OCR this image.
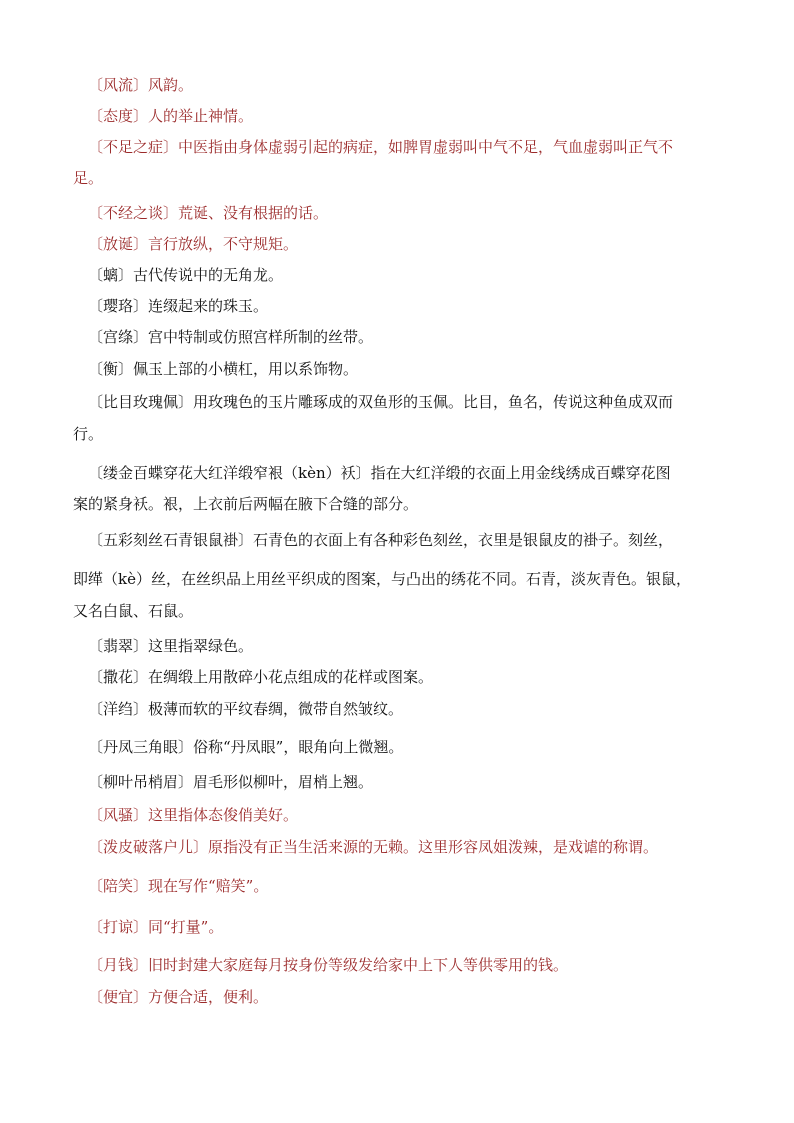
〔风流〕风韵。
〔态度〕人的举止神情。
〔不足之症〕中医指由身体虚弱引起的病症，如脾胃虚弱叫中气不足，气血虚弱叫正气不
足。
〔不经之谈〕荒诞、没有根据的话。
〔放诞〕言行放纵，不守规矩。
〔螭〕古代传说中的无角龙。
〔璎珞〕连缀起来的珠玉。
〔宫绦〕宫中特制或仿照宫样所制的丝带。
〔衡〕佩玉上部的小横杠，用以系饰物。
〔比目玫瑰佩〕用玫瑰色的玉片雕琢成的双鱼形的玉佩。比目，鱼名，传说这种鱼成双而
行。
〔缕金百蝶穿花大红洋缎窄裉（kèn）袄〕指在大红洋缎的衣面上用金线绣成百蝶穿花图
案的紧身袄。裉，上衣前后两幅在腋下合缝的部分。
〔五彩刻丝石青银鼠褂〕石青色的衣面上有各种彩色刻丝，衣里是银鼠皮的褂子。刻丝，
即缂（kè）丝，在丝织品上用丝平织成的图案，与凸出的绣花不同。石青，淡灰青色。银鼠，
又名白鼠、石鼠。
〔翡翠〕这里指翠绿色。
〔撒花〕在绸缎上用散碎小花点组成的花样或图案。
〔洋绉〕极薄而软的平纹春绸，微带自然皱纹。
〔丹凤三角眼〕俗称“丹凤眼”，眼角向上微翘。
〔柳叶吊梢眉〕眉毛形似柳叶，眉梢上翘。
〔风骚〕这里指体态俊俏美好。
〔泼皮破落户儿〕原指没有正当生活来源的无赖。这里形容凤姐泼辣，是戏谑的称谓。
〔陪笑〕现在写作“赔笑”。
〔打谅〕同“打量”。
〔月钱〕旧时封建大家庭每月按身份等级发给家中上下人等供零用的钱。
〔便宜〕方便合适，便利。
